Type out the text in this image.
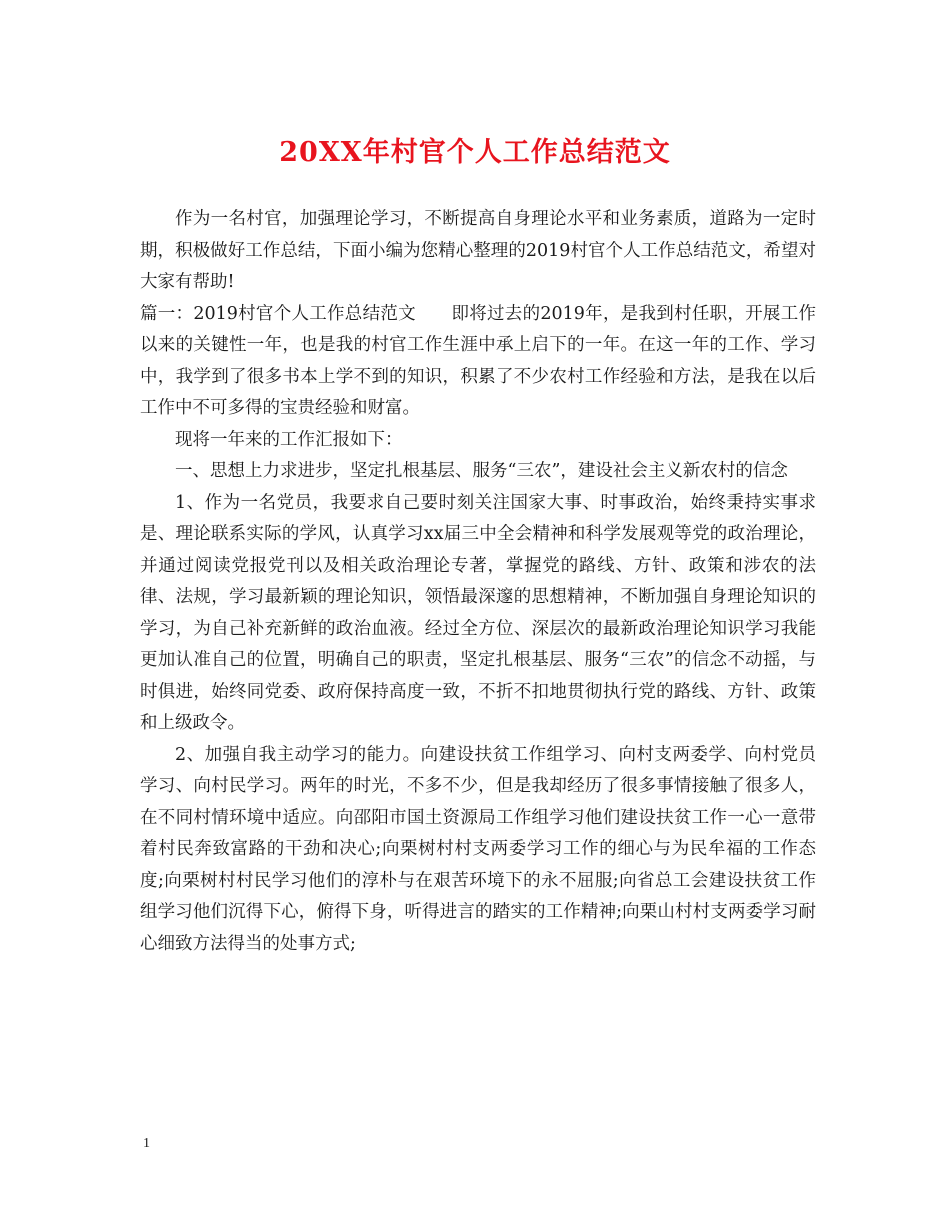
20XX年村官个人工作总结范文

作为一名村官，加强理论学习，不断提高自身理论水平和业务素质，道路为一定时期，积极做好工作总结，下面小编为您精心整理的2019村官个人工作总结范文，希望对大家有帮助!

篇一：2019村官个人工作总结范文　　即将过去的2019年，是我到村任职，开展工作以来的关键性一年，也是我的村官工作生涯中承上启下的一年。在这一年的工作、学习中，我学到了很多书本上学不到的知识，积累了不少农村工作经验和方法，是我在以后工作中不可多得的宝贵经验和财富。

现将一年来的工作汇报如下：

一、思想上力求进步，坚定扎根基层、服务“三农”，建设社会主义新农村的信念

1、作为一名党员，我要求自己要时刻关注国家大事、时事政治，始终秉持实事求是、理论联系实际的学风，认真学习xx届三中全会精神和科学发展观等党的政治理论，并通过阅读党报党刊以及相关政治理论专著，掌握党的路线、方针、政策和涉农的法律、法规，学习最新颖的理论知识，领悟最深邃的思想精神，不断加强自身理论知识的学习，为自己补充新鲜的政治血液。经过全方位、深层次的最新政治理论知识学习我能更加认准自己的位置，明确自己的职责，坚定扎根基层、服务“三农”的信念不动摇，与时俱进，始终同党委、政府保持高度一致，不折不扣地贯彻执行党的路线、方针、政策和上级政令。

2、加强自我主动学习的能力。向建设扶贫工作组学习、向村支两委学、向村党员学习、向村民学习。两年的时光，不多不少，但是我却经历了很多事情接触了很多人，在不同村情环境中适应。向邵阳市国土资源局工作组学习他们建设扶贫工作一心一意带着村民奔致富路的干劲和决心;向栗树村村支两委学习工作的细心与为民牟福的工作态度;向栗树村村民学习他们的淳朴与在艰苦环境下的永不屈服;向省总工会建设扶贫工作组学习他们沉得下心，俯得下身，听得进言的踏实的工作精神;向栗山村村支两委学习耐心细致方法得当的处事方式;

1
